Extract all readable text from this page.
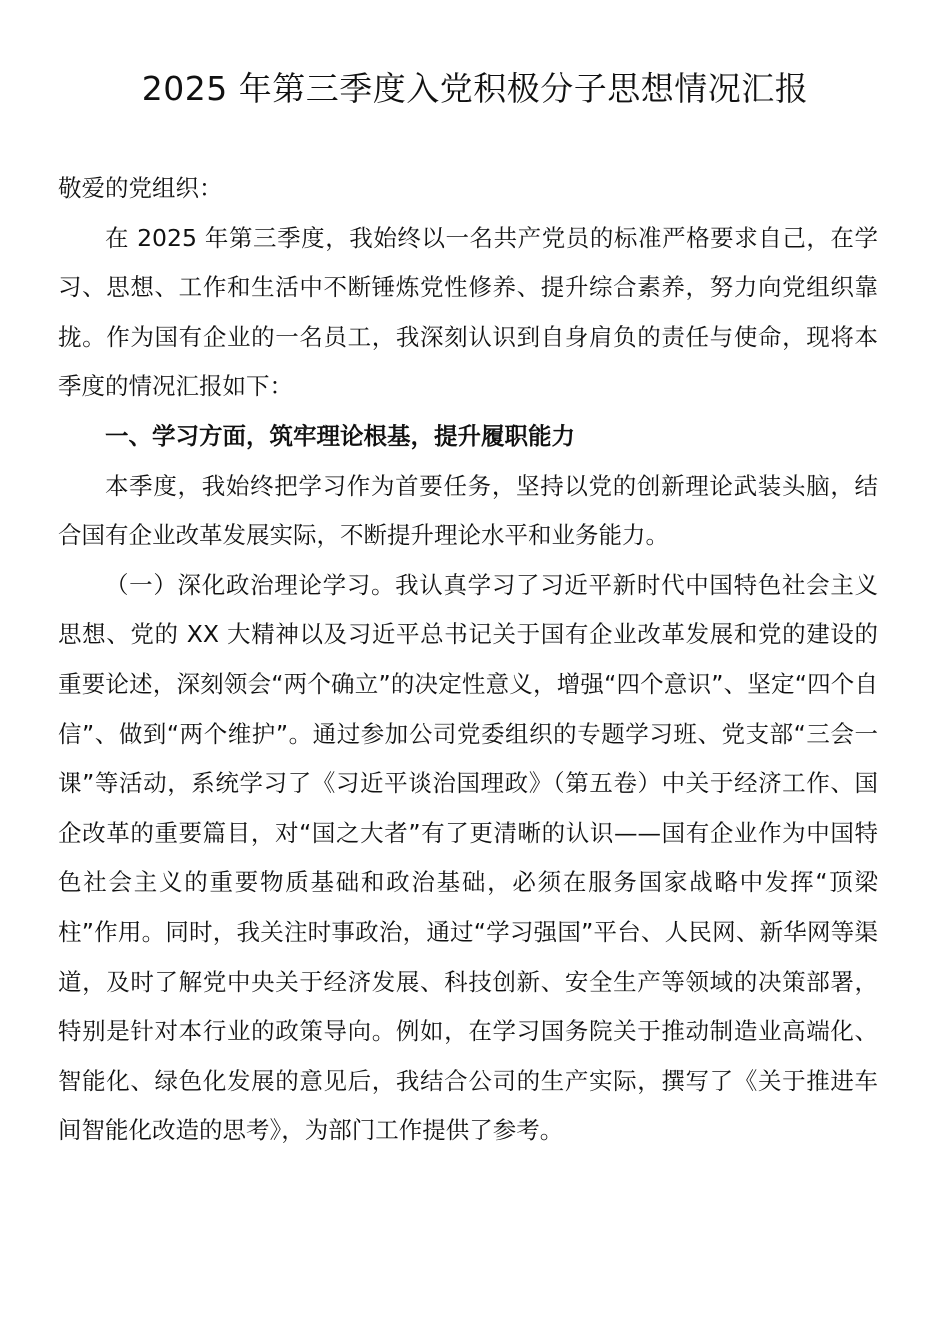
2025 年第三季度入党积极分子思想情况汇报

敬爱的党组织：

在 2025 年第三季度，我始终以一名共产党员的标准严格要求自己，在学习、思想、工作和生活中不断锤炼党性修养、提升综合素养，努力向党组织靠拢。作为国有企业的一名员工，我深刻认识到自身肩负的责任与使命，现将本季度的情况汇报如下：

一、学习方面，筑牢理论根基，提升履职能力

本季度，我始终把学习作为首要任务，坚持以党的创新理论武装头脑，结合国有企业改革发展实际，不断提升理论水平和业务能力。

（一）深化政治理论学习。我认真学习了习近平新时代中国特色社会主义思想、党的 XX 大精神以及习近平总书记关于国有企业改革发展和党的建设的重要论述，深刻领会“两个确立”的决定性意义，增强“四个意识”、坚定“四个自信”、做到“两个维护”。通过参加公司党委组织的专题学习班、党支部“三会一课”等活动，系统学习了《习近平谈治国理政》（第五卷）中关于经济工作、国企改革的重要篇目，对“国之大者”有了更清晰的认识——国有企业作为中国特色社会主义的重要物质基础和政治基础，必须在服务国家战略中发挥“顶梁柱”作用。同时，我关注时事政治，通过“学习强国”平台、人民网、新华网等渠道，及时了解党中央关于经济发展、科技创新、安全生产等领域的决策部署，特别是针对本行业的政策导向。例如，在学习国务院关于推动制造业高端化、智能化、绿色化发展的意见后，我结合公司的生产实际，撰写了《关于推进车间智能化改造的思考》，为部门工作提供了参考。
